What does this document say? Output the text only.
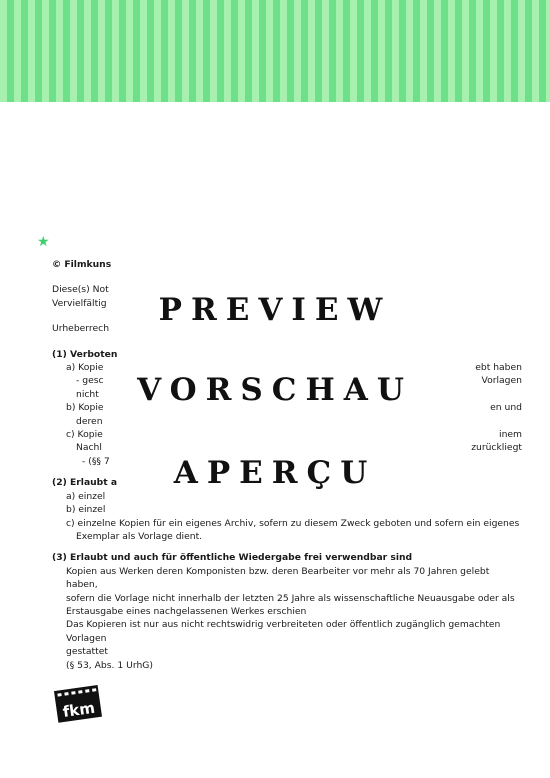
★

© Filmkuns

Diese(s) Not

Vervielfältig

Urheberrech

(1) Verboten

a) Kopie	ebt haben
- gesc	Vorlagen

nicht

b) Kopie	en und

deren

c) Kopie	inem
Nachl	zurückliegt

- (§§ 7

(2) Erlaubt a

a) einzel

b) einzel

c) einzelne Kopien für ein eigenes Archiv, sofern zu diesem Zweck geboten und sofern ein eigenes

Exemplar als Vorlage dient.

(3) Erlaubt und auch für öffentliche Wiedergabe frei verwendbar sind

Kopien aus Werken deren Komponisten bzw. deren Bearbeiter vor mehr als 70 Jahren gelebt haben,

sofern die Vorlage nicht innerhalb der letzten 25 Jahre als wissenschaftliche Neuausgabe oder als

Erstausgabe eines nachgelassenen Werkes erschien

Das Kopieren ist nur aus nicht rechtswidrig verbreiteten oder öffentlich zugänglich gemachten Vorlagen

gestattet

(§ 53, Abs. 1 UrhG)

PREVIEW
VORSCHAU
APERÇU
fkm
